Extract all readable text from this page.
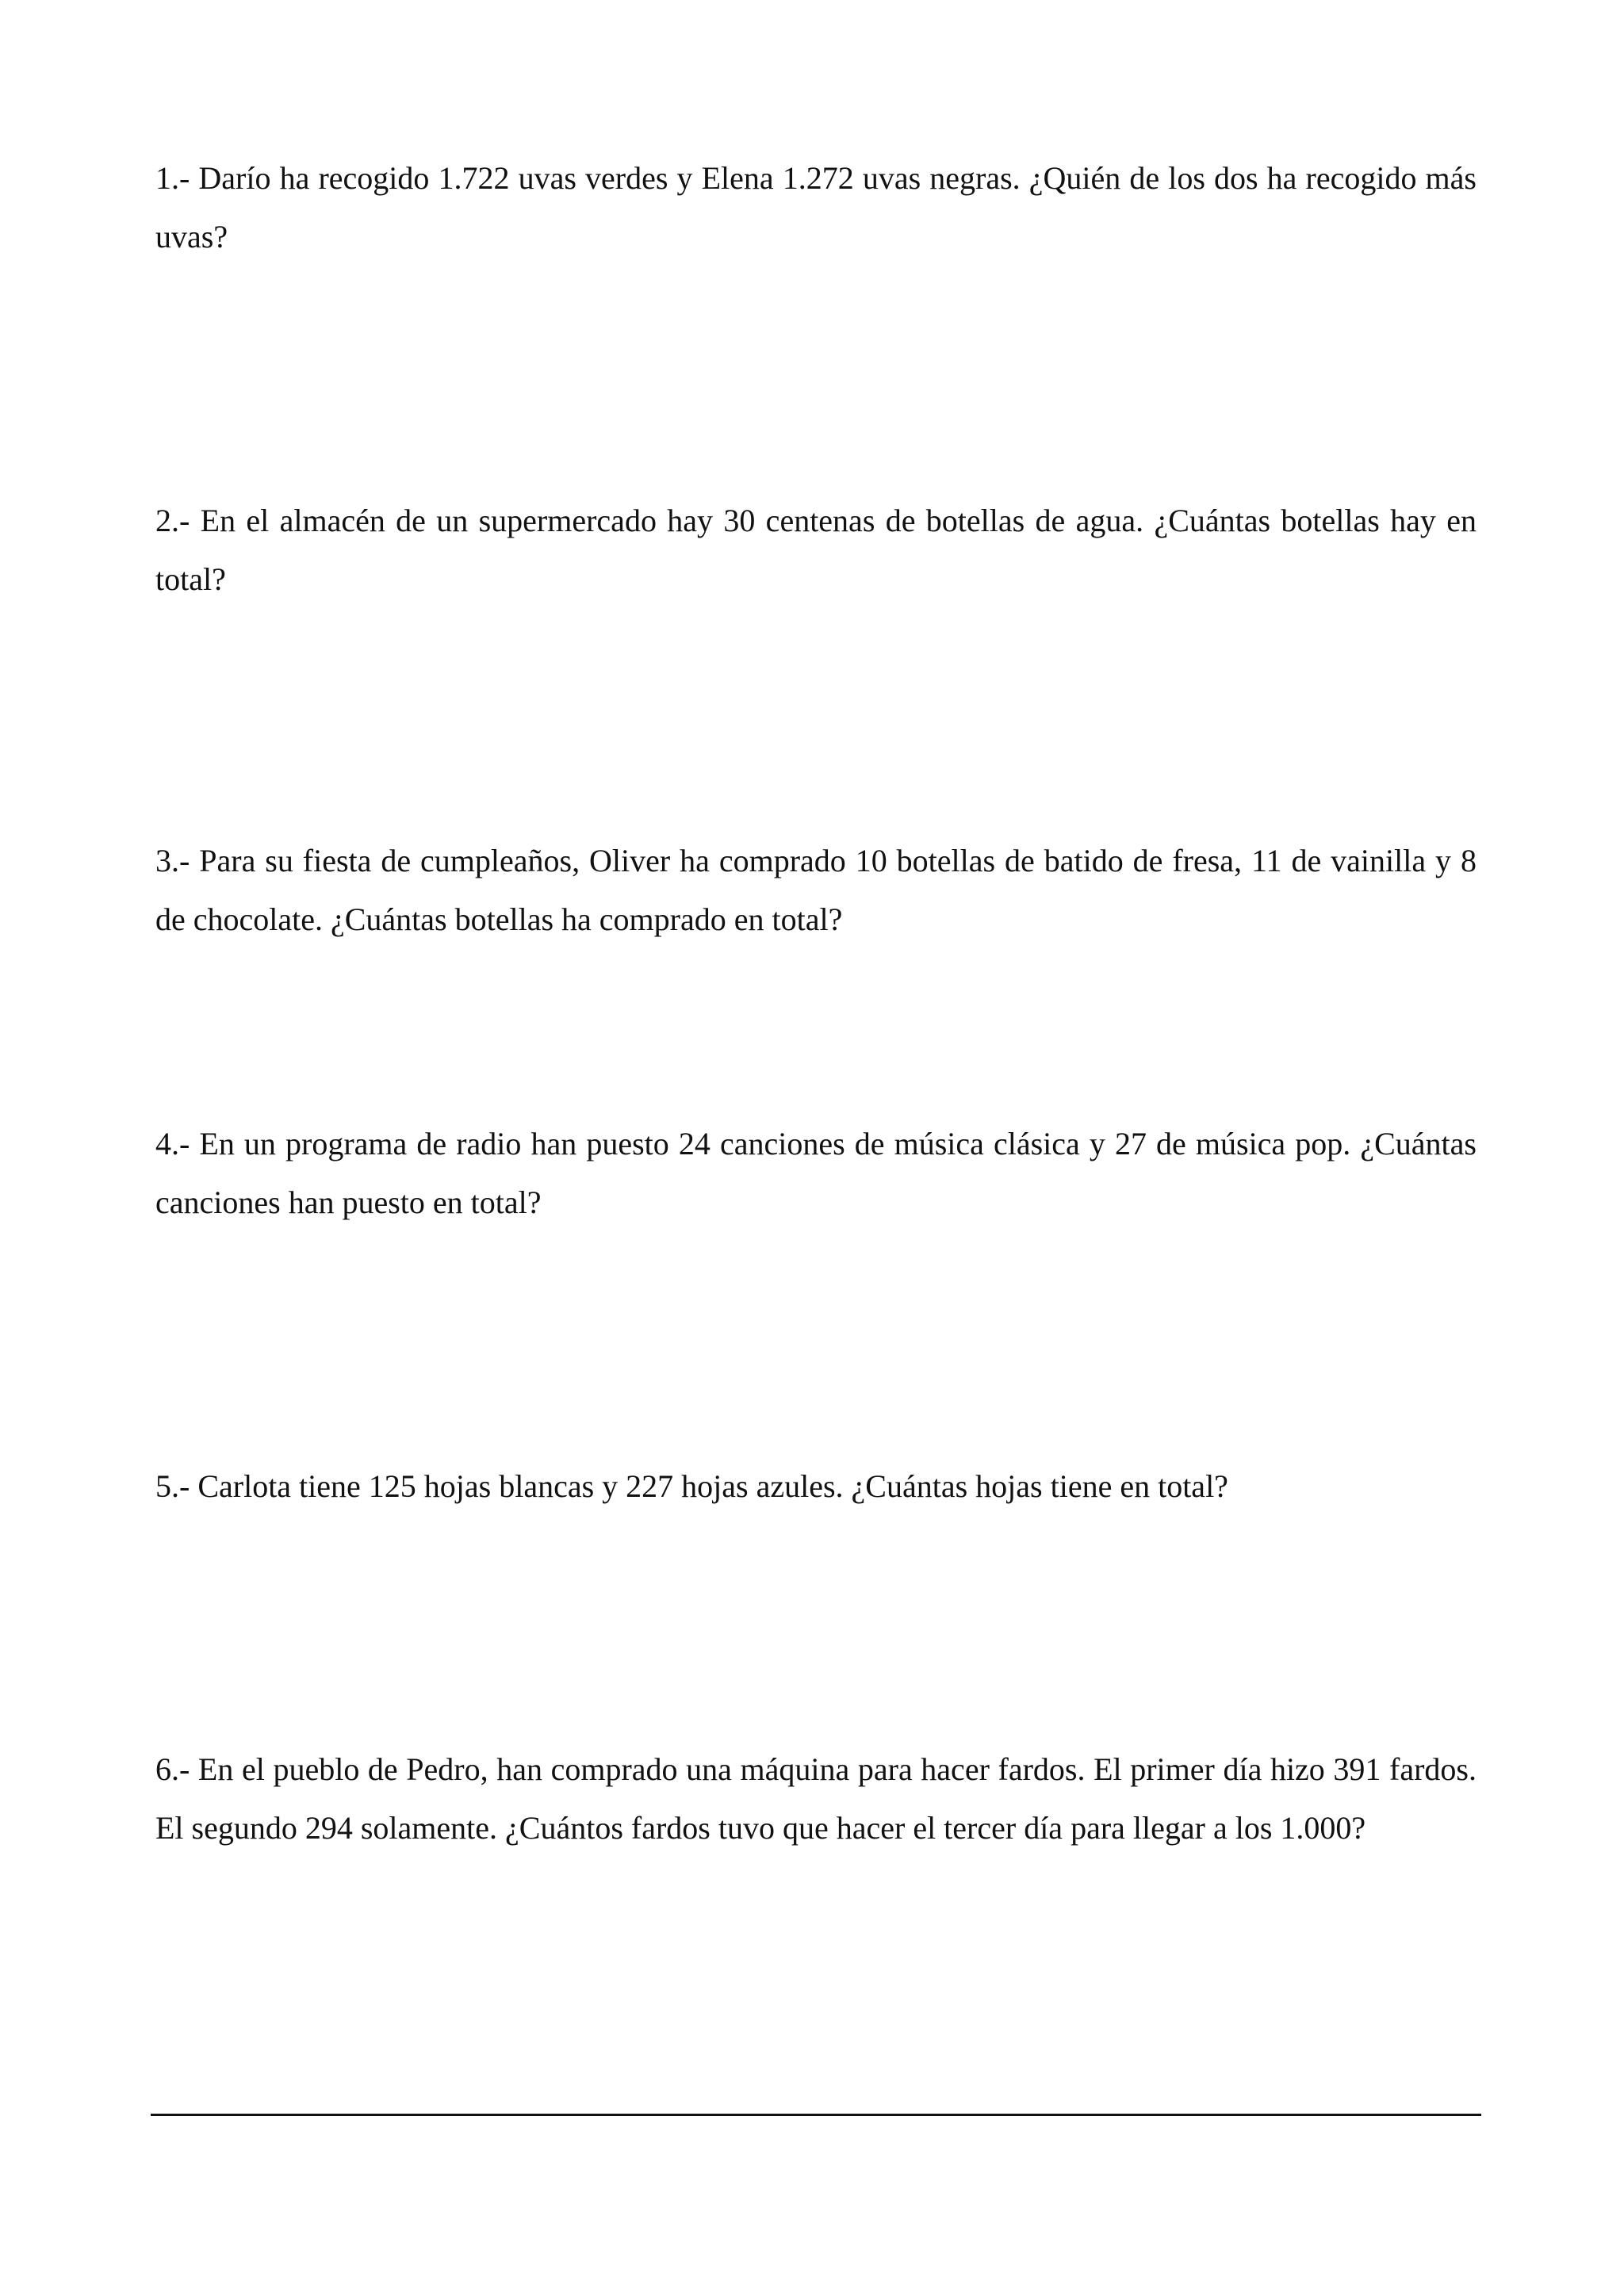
1.- Darío ha recogido 1.722 uvas verdes y Elena 1.272 uvas negras. ¿Quién de los dos ha recogido más uvas?

2.- En el almacén de un supermercado hay 30 centenas de botellas de agua. ¿Cuántas botellas hay en total?

3.- Para su fiesta de cumpleaños, Oliver ha comprado 10 botellas de batido de fresa, 11 de vainilla y 8 de chocolate. ¿Cuántas botellas ha comprado en total?

4.- En un programa de radio han puesto 24 canciones de música clásica y 27 de música pop. ¿Cuántas canciones han puesto en total?

5.- Carlota tiene 125 hojas blancas y 227 hojas azules. ¿Cuántas hojas tiene en total?

6.- En el pueblo de Pedro, han comprado una máquina para hacer fardos. El primer día hizo 391 fardos. El segundo 294 solamente. ¿Cuántos fardos tuvo que hacer el tercer día para llegar a los 1.000?
